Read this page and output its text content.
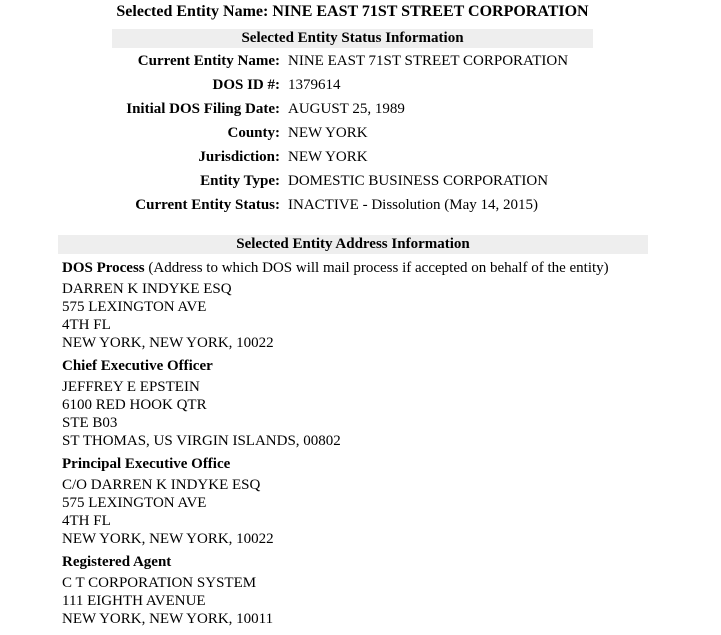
Selected Entity Name: NINE EAST 71ST STREET CORPORATION
Selected Entity Status Information
Current Entity Name: NINE EAST 71ST STREET CORPORATION
DOS ID #: 1379614
Initial DOS Filing Date: AUGUST 25, 1989
County: NEW YORK
Jurisdiction: NEW YORK
Entity Type: DOMESTIC BUSINESS CORPORATION
Current Entity Status: INACTIVE - Dissolution (May 14, 2015)
Selected Entity Address Information
DOS Process (Address to which DOS will mail process if accepted on behalf of the entity)
DARREN K INDYKE ESQ
575 LEXINGTON AVE
4TH FL
NEW YORK, NEW YORK, 10022
Chief Executive Officer
JEFFREY E EPSTEIN
6100 RED HOOK QTR
STE B03
ST THOMAS, US VIRGIN ISLANDS, 00802
Principal Executive Office
C/O DARREN K INDYKE ESQ
575 LEXINGTON AVE
4TH FL
NEW YORK, NEW YORK, 10022
Registered Agent
C T CORPORATION SYSTEM
111 EIGHTH AVENUE
NEW YORK, NEW YORK, 10011
